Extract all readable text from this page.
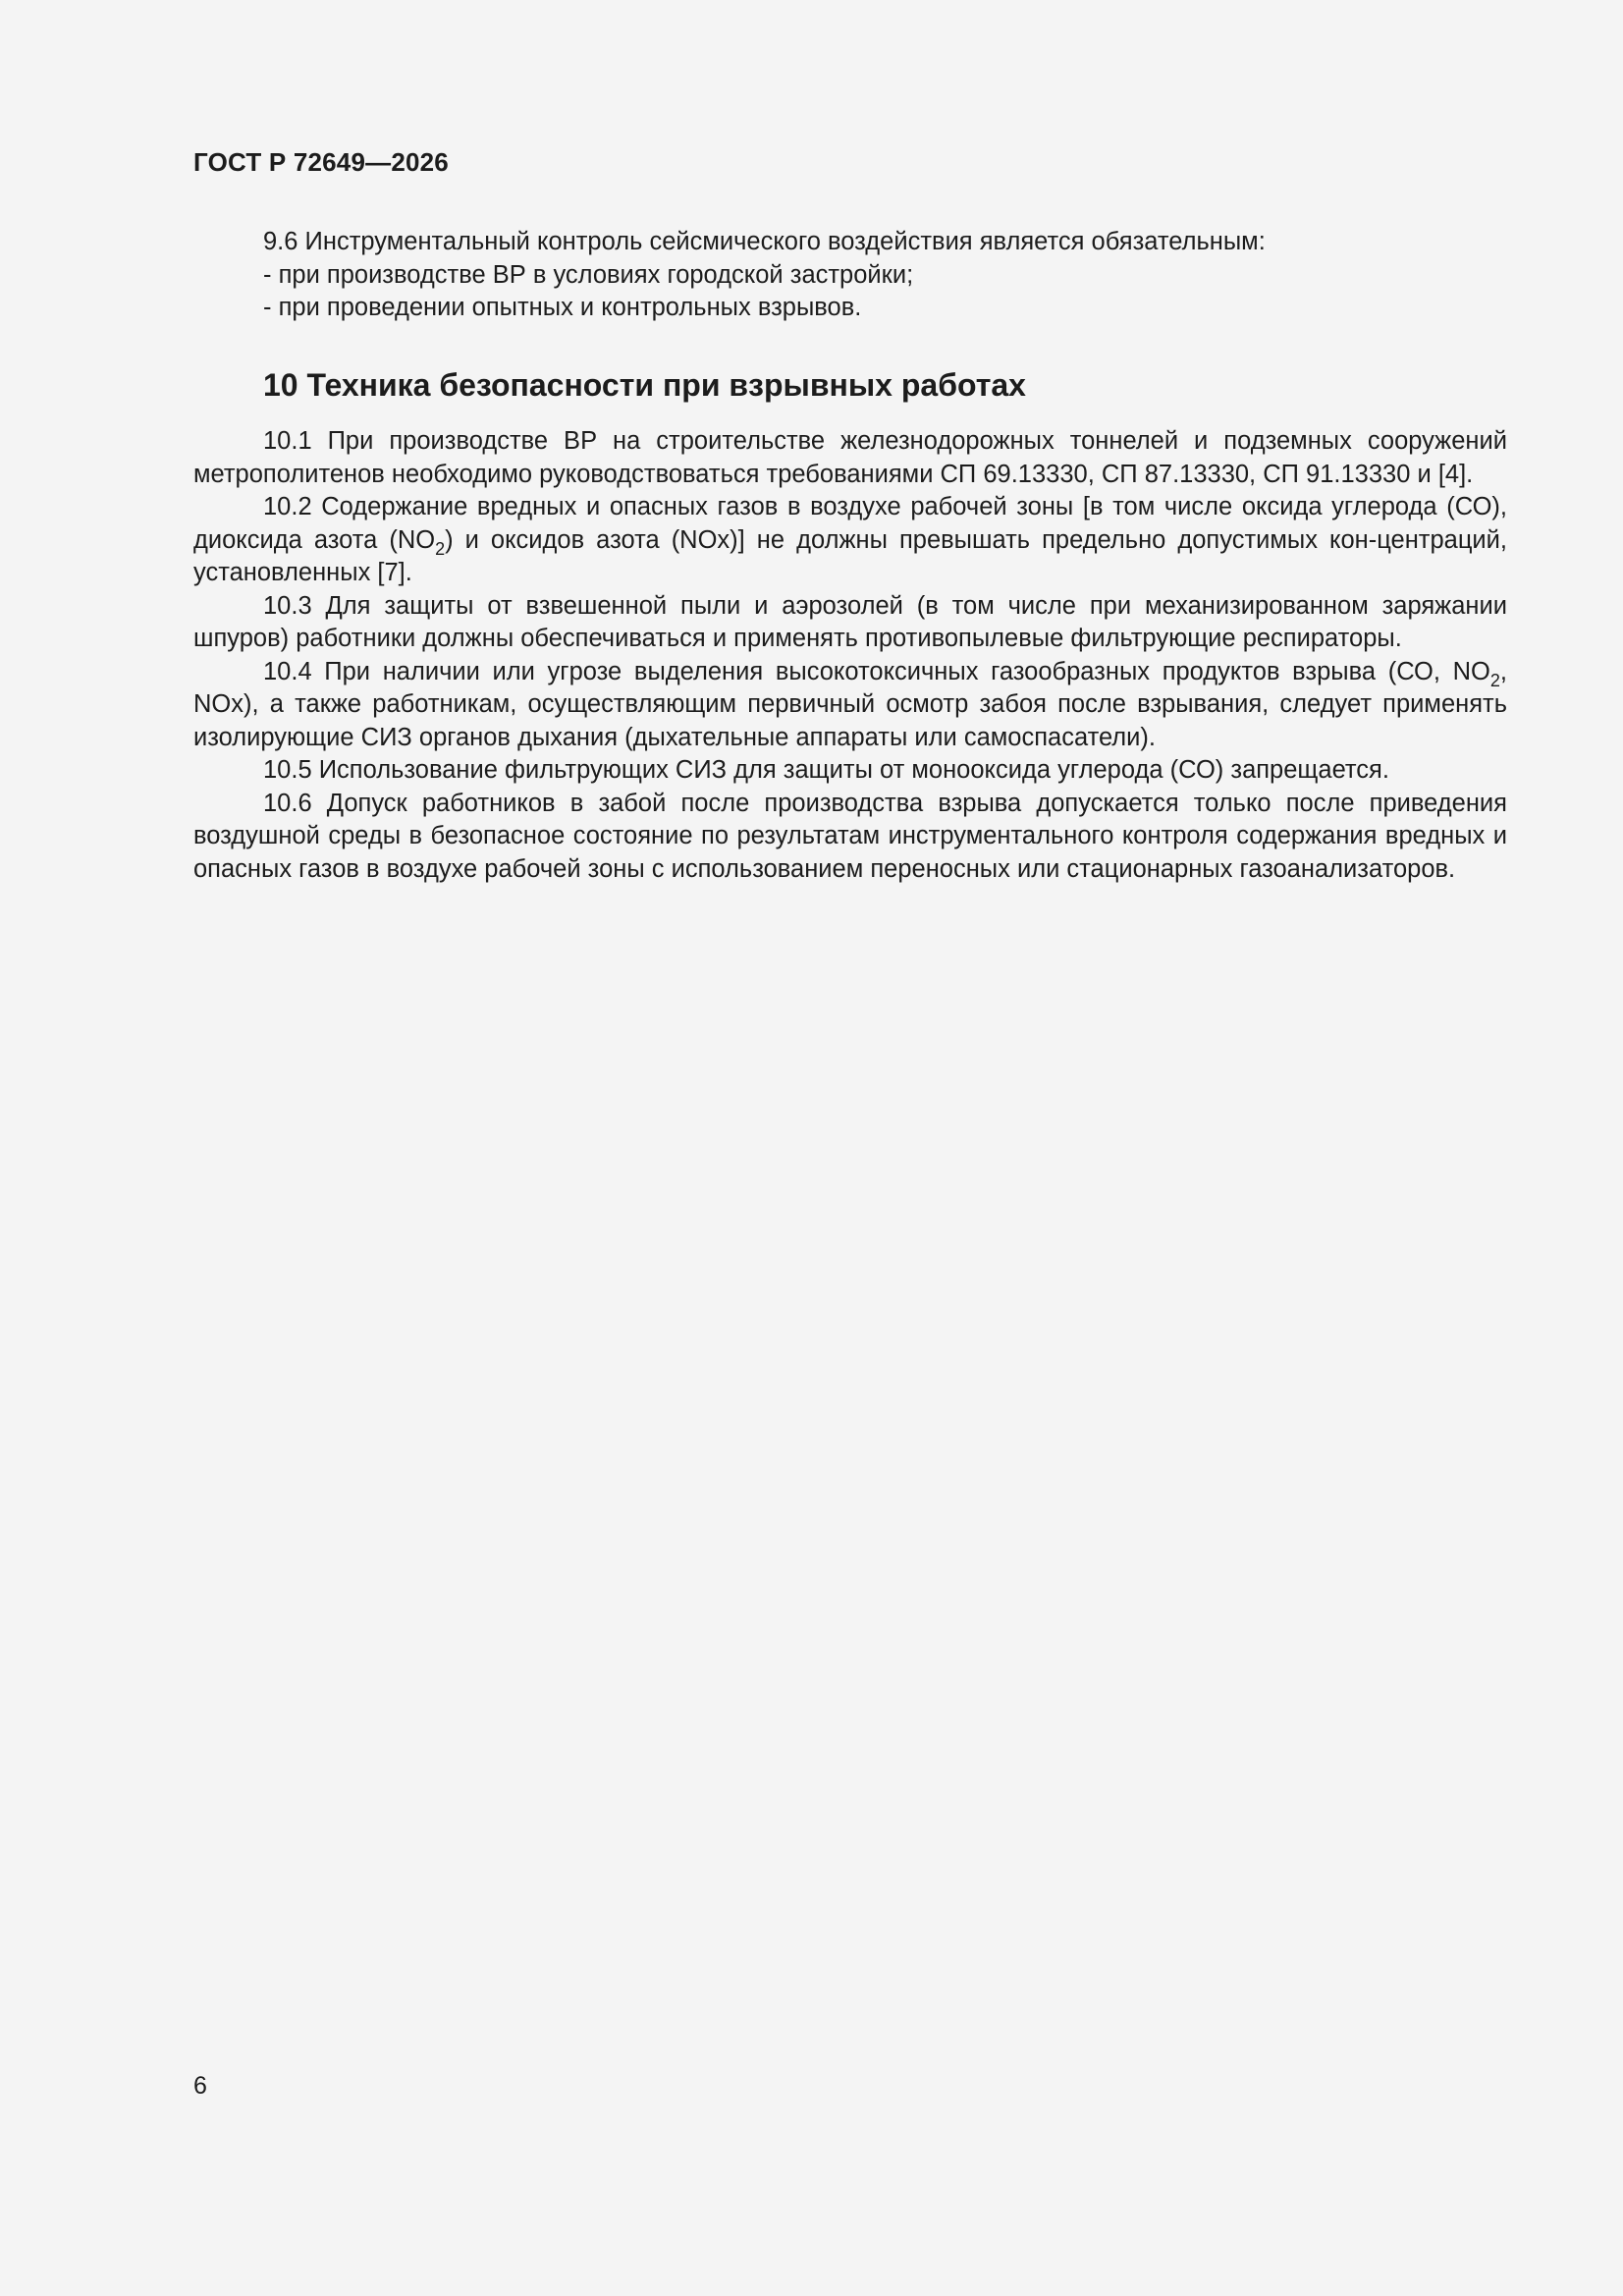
ГОСТ Р 72649—2026
9.6 Инструментальный контроль сейсмического воздействия является обязательным:
- при производстве ВР в условиях городской застройки;
- при проведении опытных и контрольных взрывов.
10 Техника безопасности при взрывных работах

10.1 При производстве ВР на строительстве железнодорожных тоннелей и подземных сооружений метрополитенов необходимо руководствоваться требованиями СП 69.13330, СП 87.13330, СП 91.13330 и [4].

10.2 Содержание вредных и опасных газов в воздухе рабочей зоны [в том числе оксида углерода (СО), диоксида азота $(NO_2)$ и оксидов азота (NOx)] не должны превышать предельно допустимых кон-центраций, установленных [7].

10.3 Для защиты от взвешенной пыли и аэрозолей (в том числе при механизированном заряжании шпуров) работники должны обеспечиваться и применять противопылевые фильтрующие респираторы.

10.4 При наличии или угрозе выделения высокотоксичных газообразных продуктов взрыва (СО, $NO_2$, NOx), а также работникам, осуществляющим первичный осмотр забоя после взрывания, следует применять изолирующие СИЗ органов дыхания (дыхательные аппараты или самоспасатели).

10.5 Использование фильтрующих СИЗ для защиты от монооксида углерода (СО) запрещается.

10.6 Допуск работников в забой после производства взрыва допускается только после приведения воздушной среды в безопасное состояние по результатам инструментального контроля содержания вредных и опасных газов в воздухе рабочей зоны с использованием переносных или стационарных газоанализаторов.

6
